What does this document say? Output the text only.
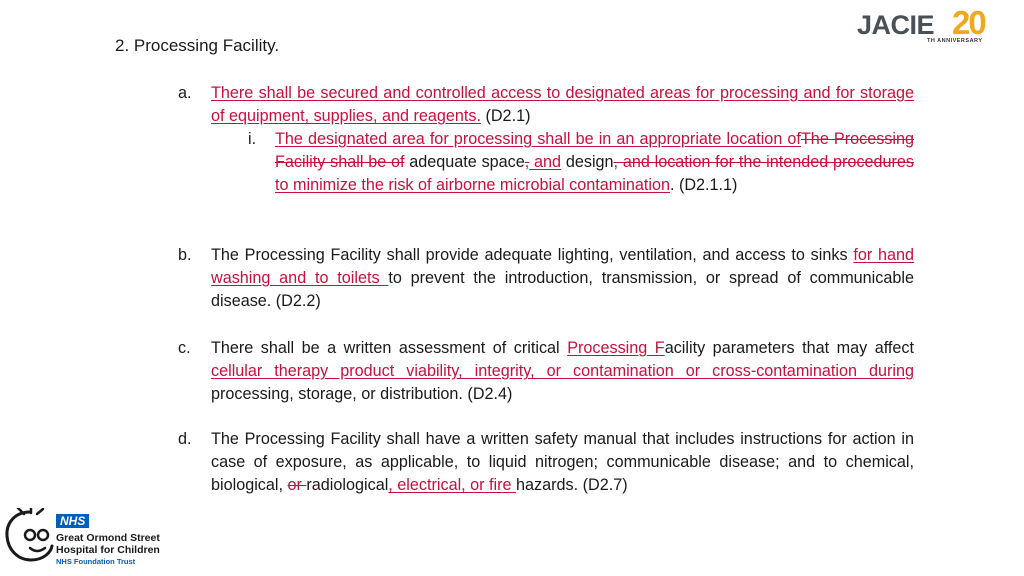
JACIE 20
TH ANNIVERSARY
2. Processing Facility.
a. There shall be secured and controlled access to designated areas for processing and for storage of equipment, supplies, and reagents. (D2.1)
i. The designated area for processing shall be in an appropriate location ofThe Processing Facility shall be of adequate space, and design, and location for the intended procedures to minimize the risk of airborne microbial contamination. (D2.1.1)
b. The Processing Facility shall provide adequate lighting, ventilation, and access to sinks for hand washing and to toilets to prevent the introduction, transmission, or spread of communicable disease. (D2.2)
c. There shall be a written assessment of critical Processing Facility parameters that may affect cellular therapy product viability, integrity, or contamination or cross-contamination during processing, storage, or distribution. (D2.4)
d. The Processing Facility shall have a written safety manual that includes instructions for action in case of exposure, as applicable, to liquid nitrogen; communicable disease; and to chemical, biological, or radiological, electrical, or fire hazards. (D2.7)
NHS
Great Ormond Street
Hospital for Children
NHS Foundation Trust
